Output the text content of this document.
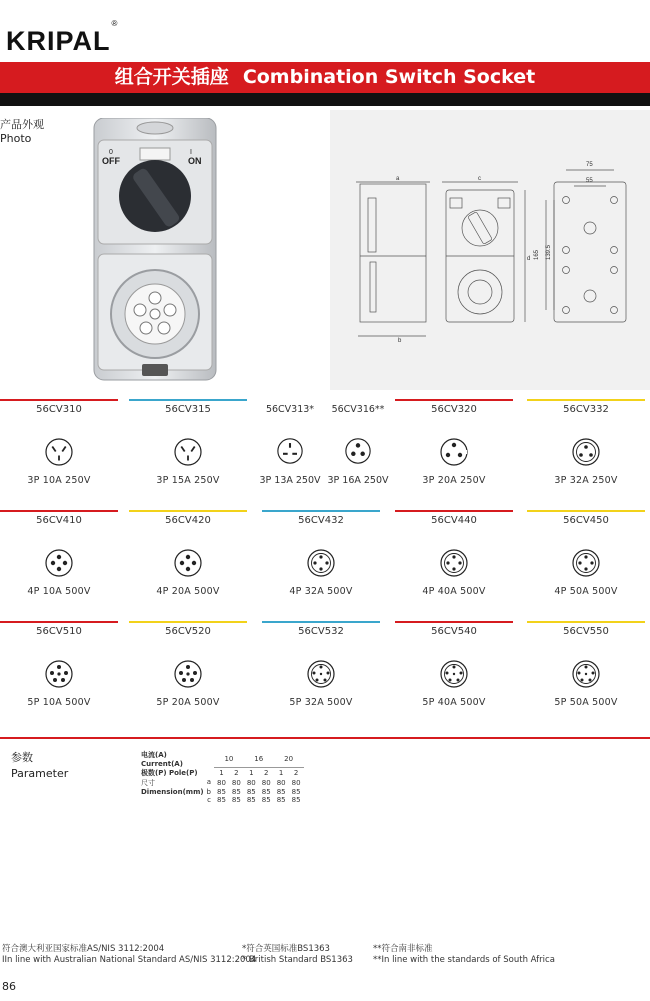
KRIPAL®
组合开关插座 Combination Switch Socket
产品外观
Photo
OFF
0
ON
I
a
b
c
d
75
55
165 139.5
56CV310
3P 10A 250V
56CV315
3P 15A 250V
56CV313*
3P 13A 250V
56CV316**
3P 16A 250V
56CV320
3P 20A 250V
56CV332
3P 32A 250V
56CV410
4P 10A 500V
56CV420
4P 20A 500V
56CV432
4P 32A 500V
56CV440
4P 40A 500V
56CV450
4P 50A 500V
56CV510
5P 10A 500V
56CV520
5P 20A 500V
56CV532
5P 32A 500V
56CV540
5P 40A 500V
56CV550
5P 50A 500V
参数
Parameter
电流(A) Current(A)	10		16		20	
极数(P) Pole(P)	1	2	1	2	1	2
尺寸 a	80	80	80	80	80	80
Dimension(mm) b	85	85	85	85	85	85

c	85	85	85	85	85	85
符合澳大利亚国家标准AS/NIS 3112:2004
IIn line with Australian National Standard AS/NIS 3112:2004
*符合英国标准BS1363
* British Standard BS1363
**符合南非标准
**In line with the standards of South Africa
86
